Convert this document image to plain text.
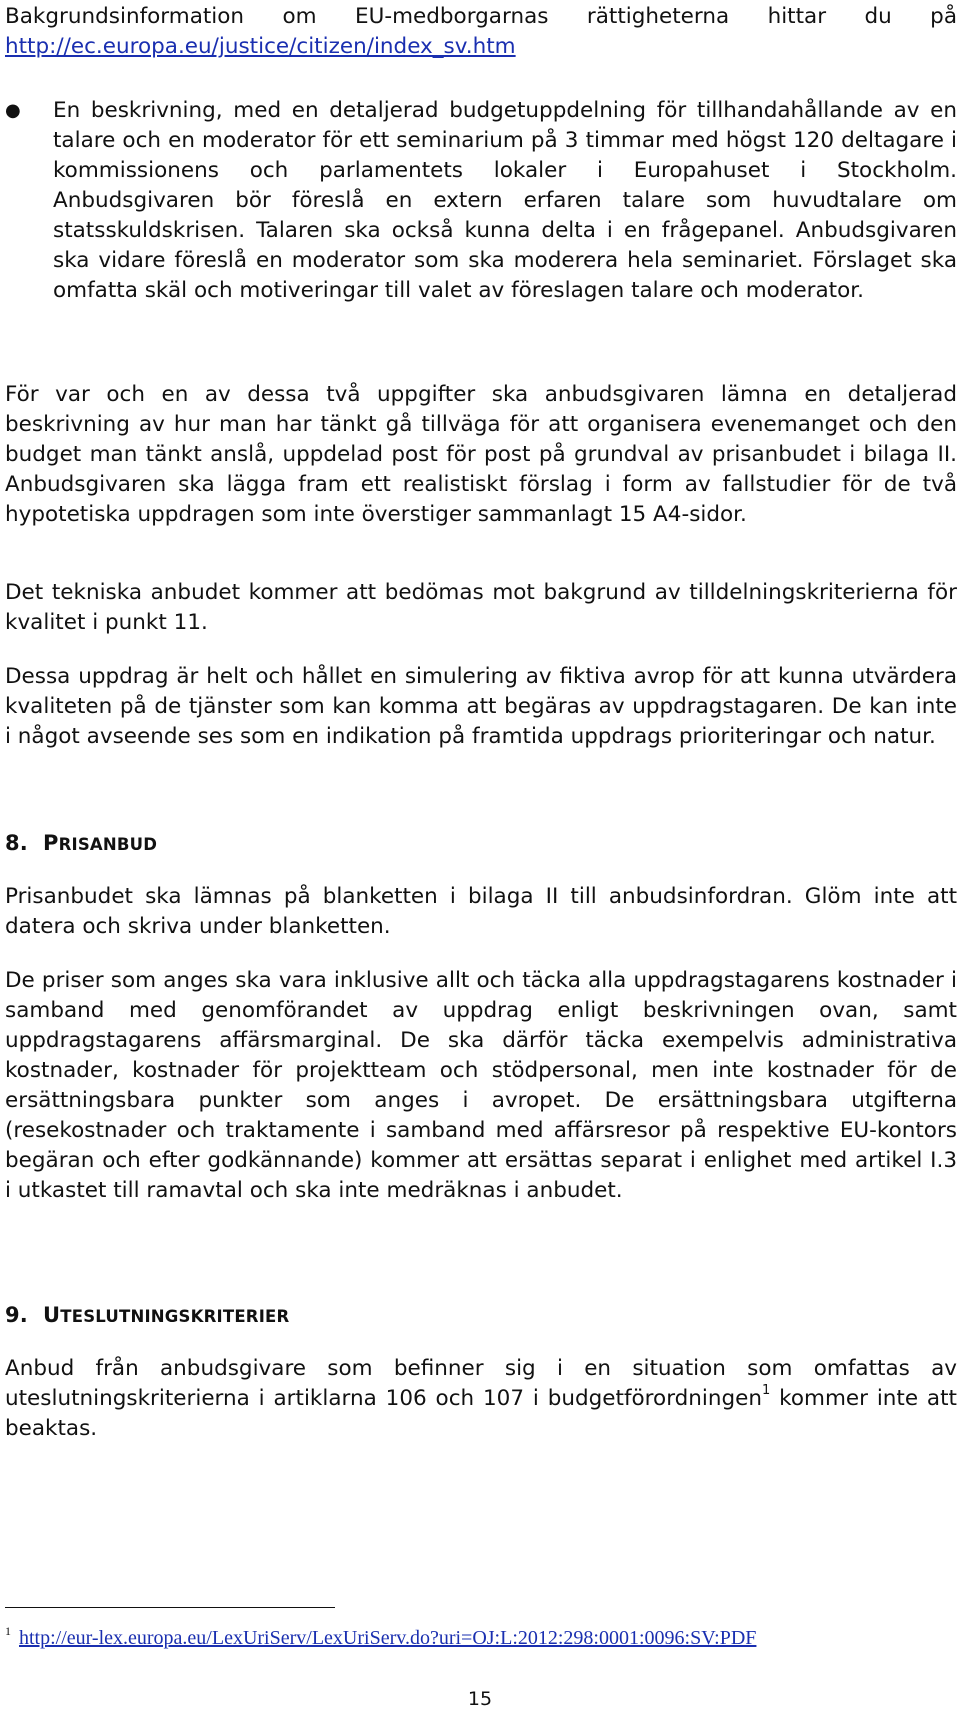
Bakgrundsinformation om EU-medborgarnas rättigheterna hittar du på http://ec.europa.eu/justice/citizen/index_sv.htm

● En beskrivning, med en detaljerad budgetuppdelning för tillhandahållande av en talare och en moderator för ett seminarium på 3 timmar med högst 120 deltagare i kommissionens och parlamentets lokaler i Europahuset i Stockholm. Anbudsgivaren bör föreslå en extern erfaren talare som huvudtalare om statsskuldskrisen. Talaren ska också kunna delta i en frågepanel. Anbudsgivaren ska vidare föreslå en moderator som ska moderera hela seminariet. Förslaget ska omfatta skäl och motiveringar till valet av föreslagen talare och moderator.

För var och en av dessa två uppgifter ska anbudsgivaren lämna en detaljerad beskrivning av hur man har tänkt gå tillväga för att organisera evenemanget och den budget man tänkt anslå, uppdelad post för post på grundval av prisanbudet i bilaga II. Anbudsgivaren ska lägga fram ett realistiskt förslag i form av fallstudier för de två hypotetiska uppdragen som inte överstiger sammanlagt 15 A4-sidor.

Det tekniska anbudet kommer att bedömas mot bakgrund av tilldelningskriterierna för kvalitet i punkt 11.

Dessa uppdrag är helt och hållet en simulering av fiktiva avrop för att kunna utvärdera kvaliteten på de tjänster som kan komma att begäras av uppdragstagaren. De kan inte i något avseende ses som en indikation på framtida uppdrags prioriteringar och natur.

8. PRISANBUD

Prisanbudet ska lämnas på blanketten i bilaga II till anbudsinfordran. Glöm inte att datera och skriva under blanketten.

De priser som anges ska vara inklusive allt och täcka alla uppdragstagarens kostnader i samband med genomförandet av uppdrag enligt beskrivningen ovan, samt uppdragstagarens affärsmarginal. De ska därför täcka exempelvis administrativa kostnader, kostnader för projektteam och stödpersonal, men inte kostnader för de ersättningsbara punkter som anges i avropet. De ersättningsbara utgifterna (resekostnader och traktamente i samband med affärsresor på respektive EU-kontors begäran och efter godkännande) kommer att ersättas separat i enlighet med artikel I.3 i utkastet till ramavtal och ska inte medräknas i anbudet.

9. UTESLUTNINGSKRITERIER

Anbud från anbudsgivare som befinner sig i en situation som omfattas av uteslutningskriterierna i artiklarna 106 och 107 i budgetförordningen$^1$ kommer inte att beaktas.

$^1$ http://eur-lex.europa.eu/LexUriServ/LexUriServ.do?uri=OJ:L:2012:298:0001:0096:SV:PDF
15
